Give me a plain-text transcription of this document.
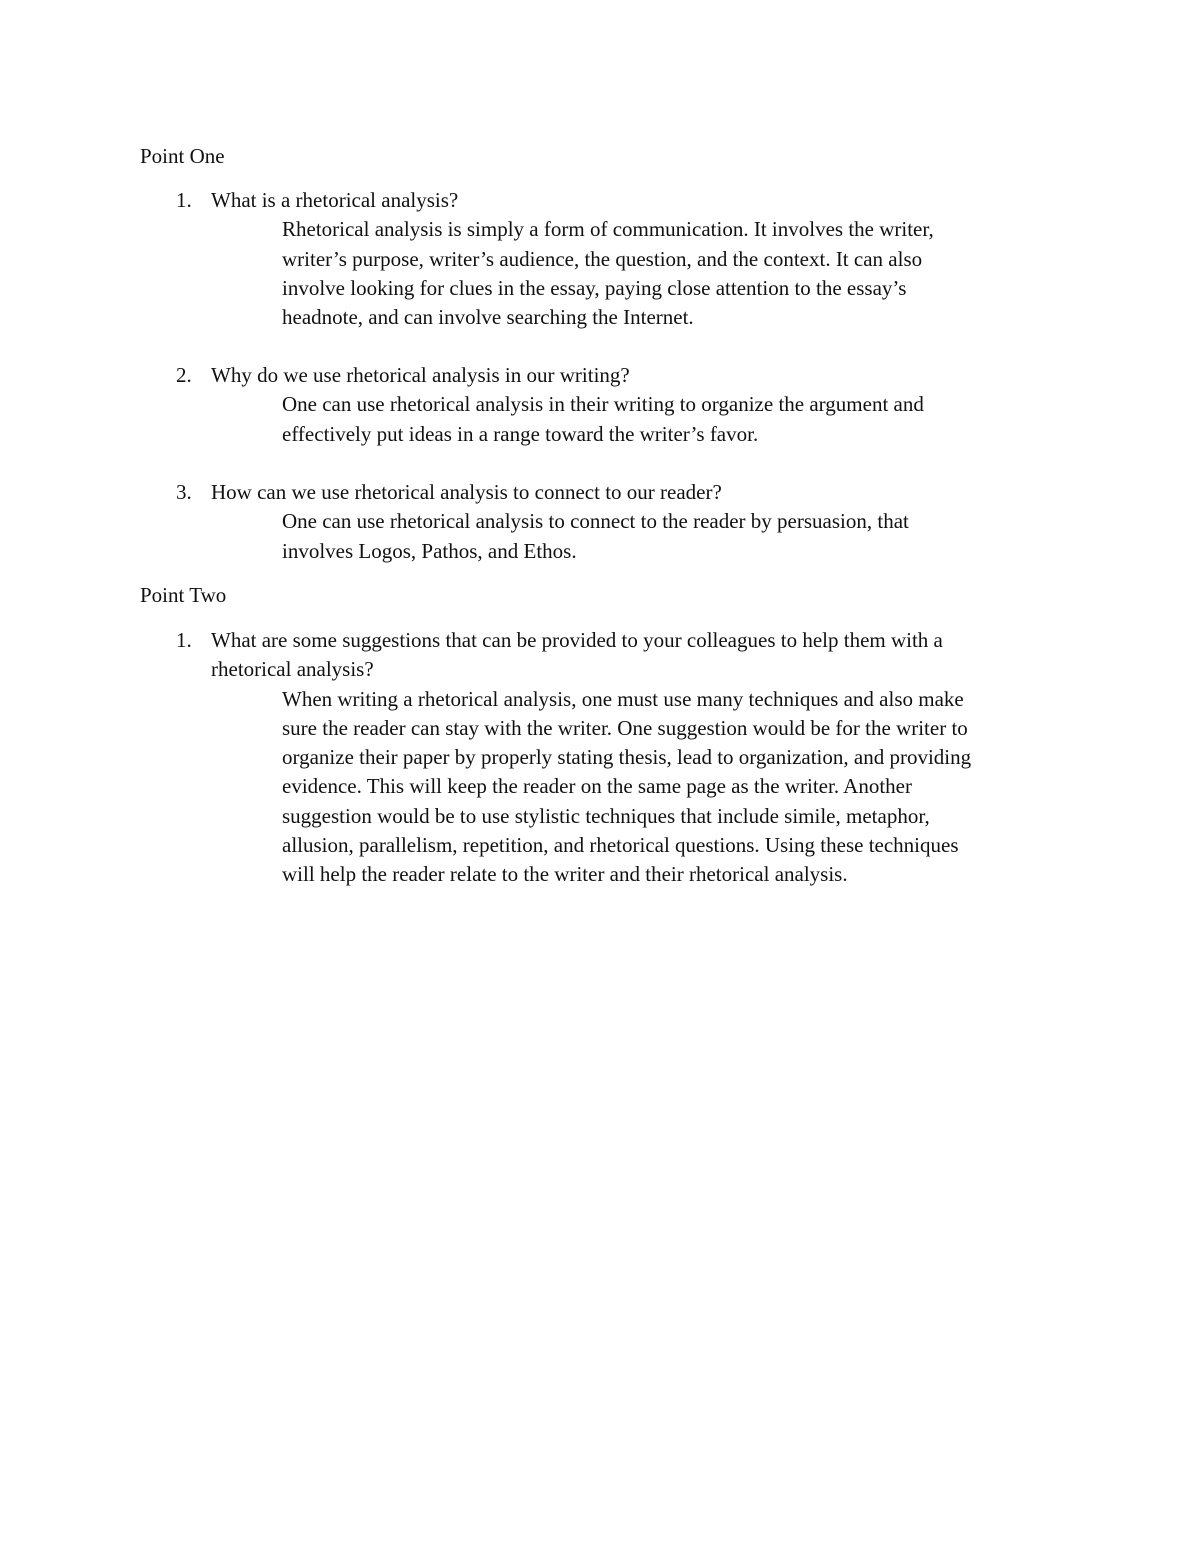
Point One
1. What is a rhetorical analysis?
Rhetorical analysis is simply a form of communication. It involves the writer,
writer’s purpose, writer’s audience, the question, and the context. It can also
involve looking for clues in the essay, paying close attention to the essay’s
headnote, and can involve searching the Internet.
2. Why do we use rhetorical analysis in our writing?
One can use rhetorical analysis in their writing to organize the argument and
effectively put ideas in a range toward the writer’s favor.
3. How can we use rhetorical analysis to connect to our reader?
One can use rhetorical analysis to connect to the reader by persuasion, that
involves Logos, Pathos, and Ethos.
Point Two
1. What are some suggestions that can be provided to your colleagues to help them with a
rhetorical analysis?
When writing a rhetorical analysis, one must use many techniques and also make
sure the reader can stay with the writer. One suggestion would be for the writer to
organize their paper by properly stating thesis, lead to organization, and providing
evidence. This will keep the reader on the same page as the writer. Another
suggestion would be to use stylistic techniques that include simile, metaphor,
allusion, parallelism, repetition, and rhetorical questions. Using these techniques
will help the reader relate to the writer and their rhetorical analysis.
